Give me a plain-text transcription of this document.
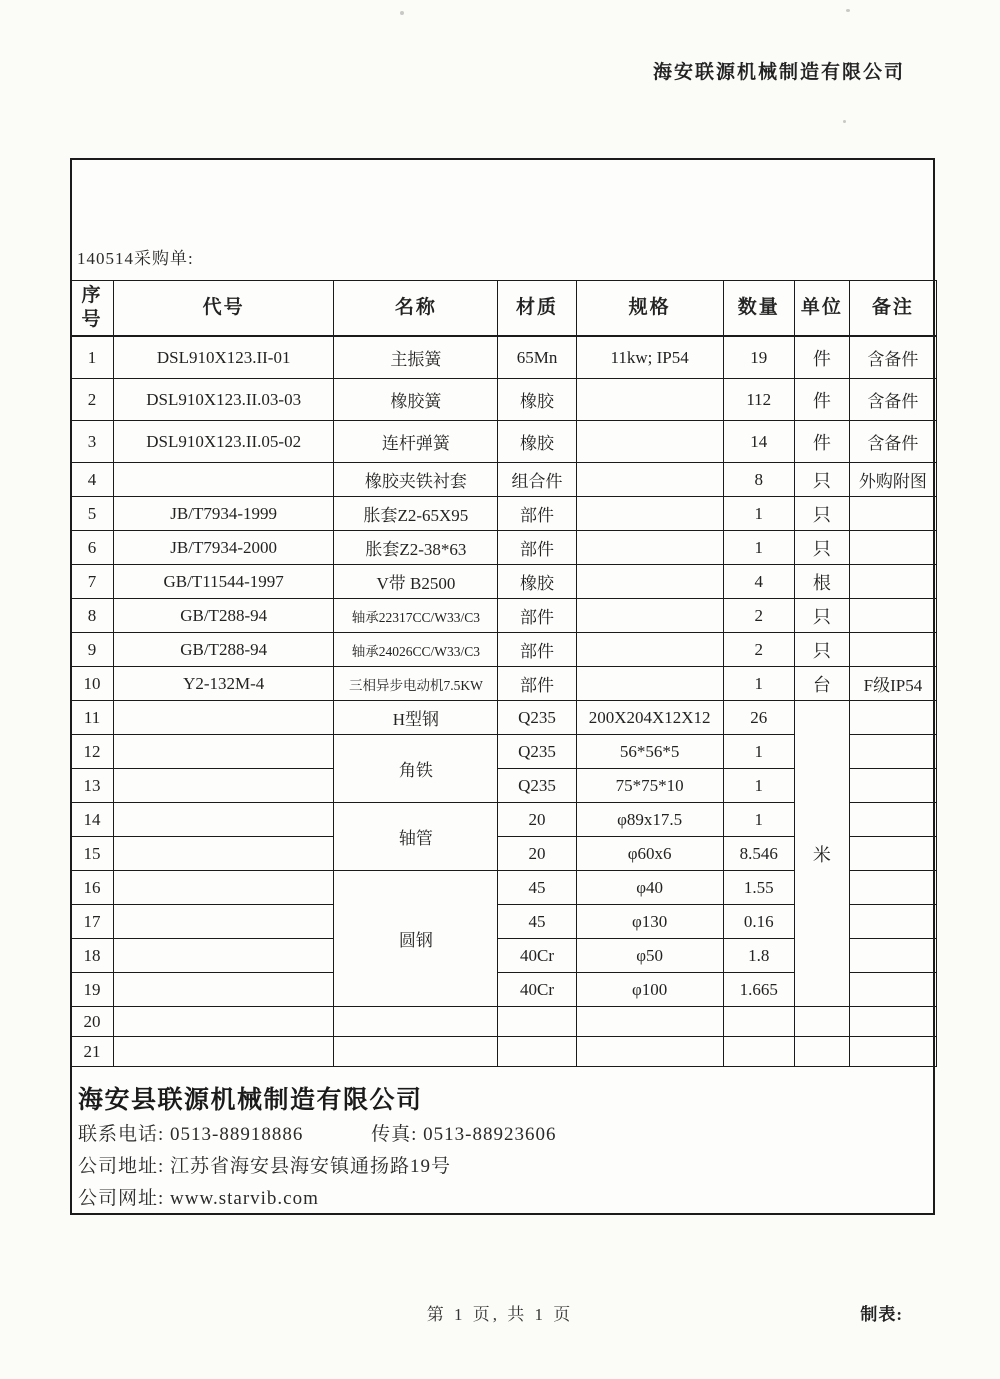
海安联源机械制造有限公司
140514采购单:
序号	代号	名称	材质	规格	数量	单位	备注
1	DSL910X123.II-01	主振簧	65Mn	11kw; IP54	19	件	含备件
2	DSL910X123.II.03-03	橡胶簧	橡胶		112	件	含备件
3	DSL910X123.II.05-02	连杆弹簧	橡胶		14	件	含备件
4		橡胶夹铁衬套	组合件		8	只	外购附图
5	JB/T7934-1999	胀套Z2-65X95	部件		1	只	
6	JB/T7934-2000	胀套Z2-38*63	部件		1	只	
7	GB/T11544-1997	V带 B2500	橡胶		4	根	
8	GB/T288-94	轴承22317CC/W33/C3	部件		2	只	
9	GB/T288-94	轴承24026CC/W33/C3	部件		2	只	
10	Y2-132M-4	三相异步电动机7.5KW	部件		1	台	F级IP54
11		H型钢	Q235	200X204X12X12	26	米	
12		角铁	Q235	56*56*5	1		
13			Q235	75*75*10	1		
14		轴管	20	φ89x17.5	1		
15			20	φ60x6	8.546		
16		圆钢	45	φ40	1.55		
17			45	φ130	0.16		
18			40Cr	φ50	1.8		
19			40Cr	φ100	1.665		
20							
21							
海安县联源机械制造有限公司
联系电话: 0513-88918886	传真: 0513-88923606
公司地址: 江苏省海安县海安镇通扬路19号
公司网址: www.starvib.com
第 1 页, 共 1 页	制表:
